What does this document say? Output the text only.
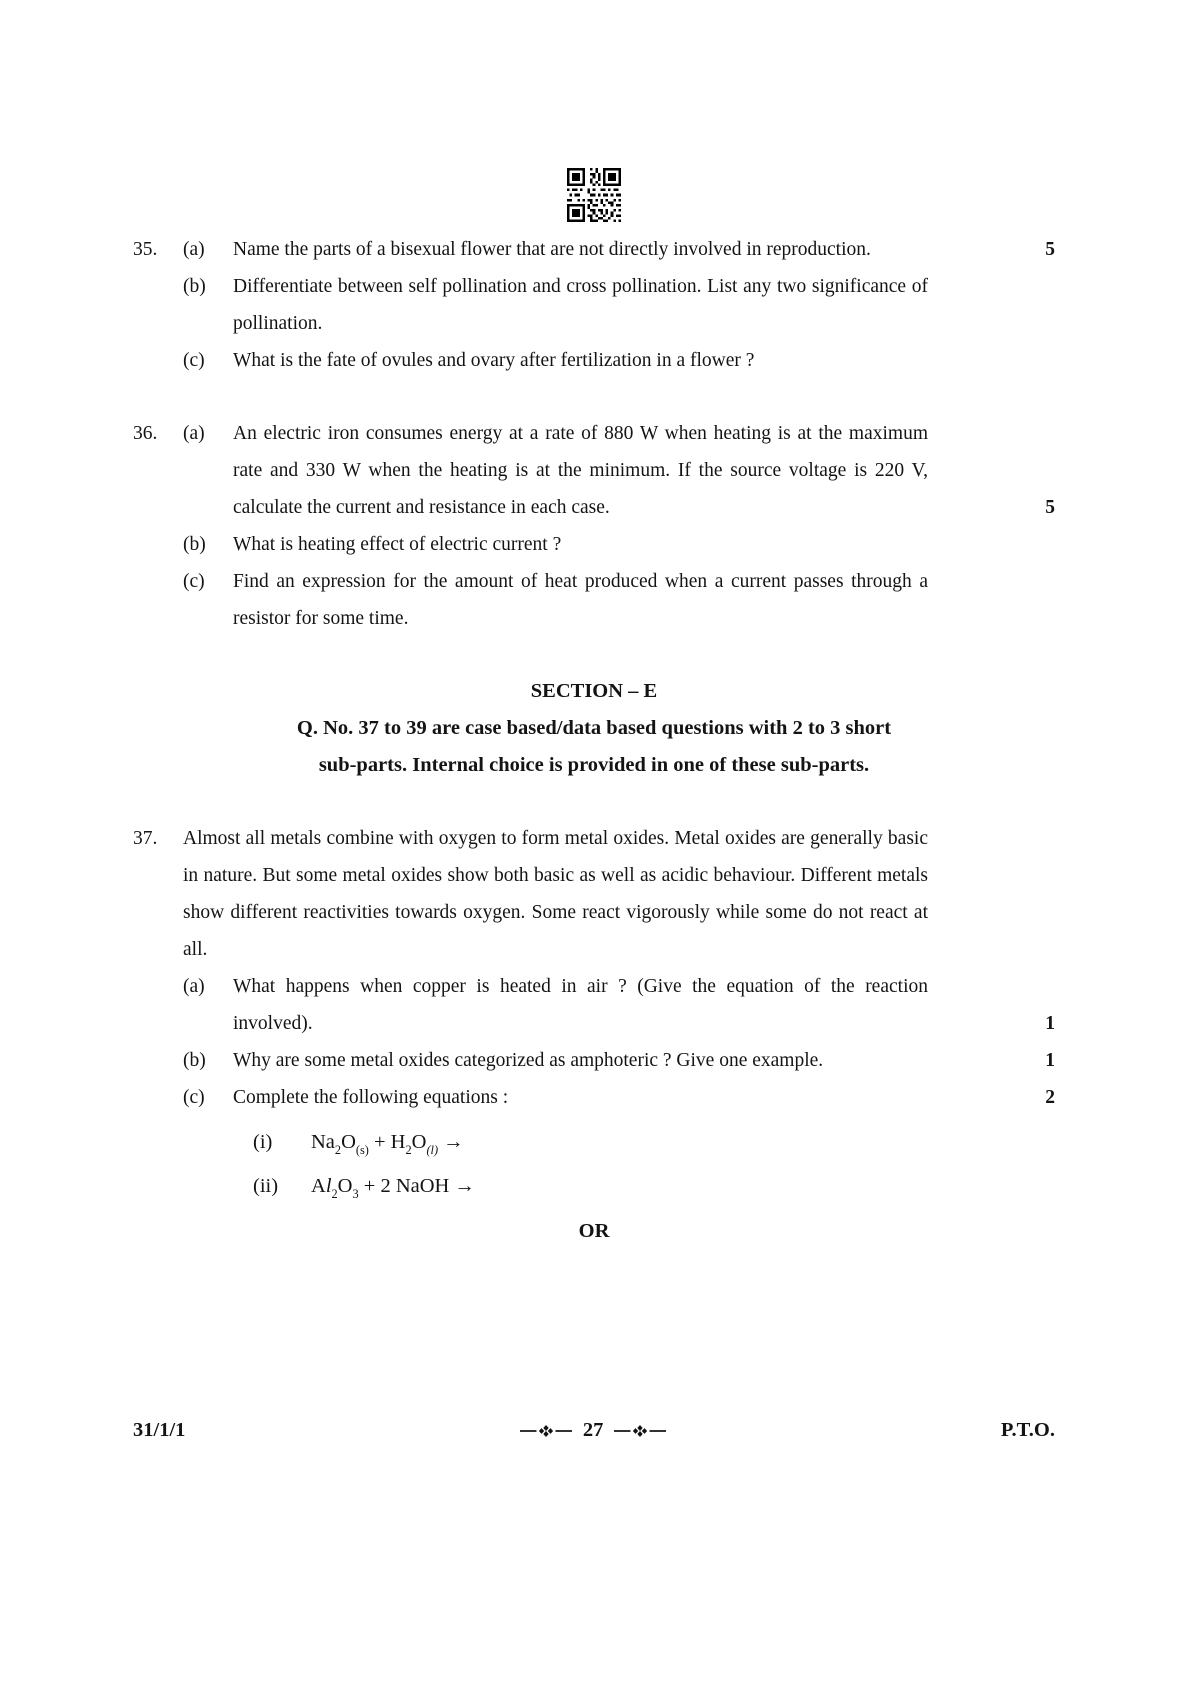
35.	(a)	Name the parts of a bisexual flower that are not directly involved in reproduction.	5
(b)	Differentiate between self pollination and cross pollination. List any two significance of pollination.
(c)	What is the fate of ovules and ovary after fertilization in a flower ?
36.	(a)	An electric iron consumes energy at a rate of 880 W when heating is at the maximum rate and 330 W when the heating is at the minimum. If the source voltage is 220 V, calculate the current and resistance in each case.	5
(b)	What is heating effect of electric current ?
(c)	Find an expression for the amount of heat produced when a current passes through a resistor for some time.
SECTION – E
Q. No. 37 to 39 are case based/data based questions with 2 to 3 short
sub-parts. Internal choice is provided in one of these sub-parts.
37.	Almost all metals combine with oxygen to form metal oxides. Metal oxides are generally basic in nature. But some metal oxides show both basic as well as acidic behaviour. Different metals show different reactivities towards oxygen. Some react vigorously while some do not react at all.
(a)	What happens when copper is heated in air ? (Give the equation of the reaction involved).	1
(b)	Why are some metal oxides categorized as amphoteric ? Give one example.	1
(c)	Complete the following equations :	2
(i)	$Na_2O_{(s)} + H_2O_{(l)}$ →
(ii)	$Al_2O_3 + 2$ NaOH →
OR
31/1/1	27	P.T.O.
